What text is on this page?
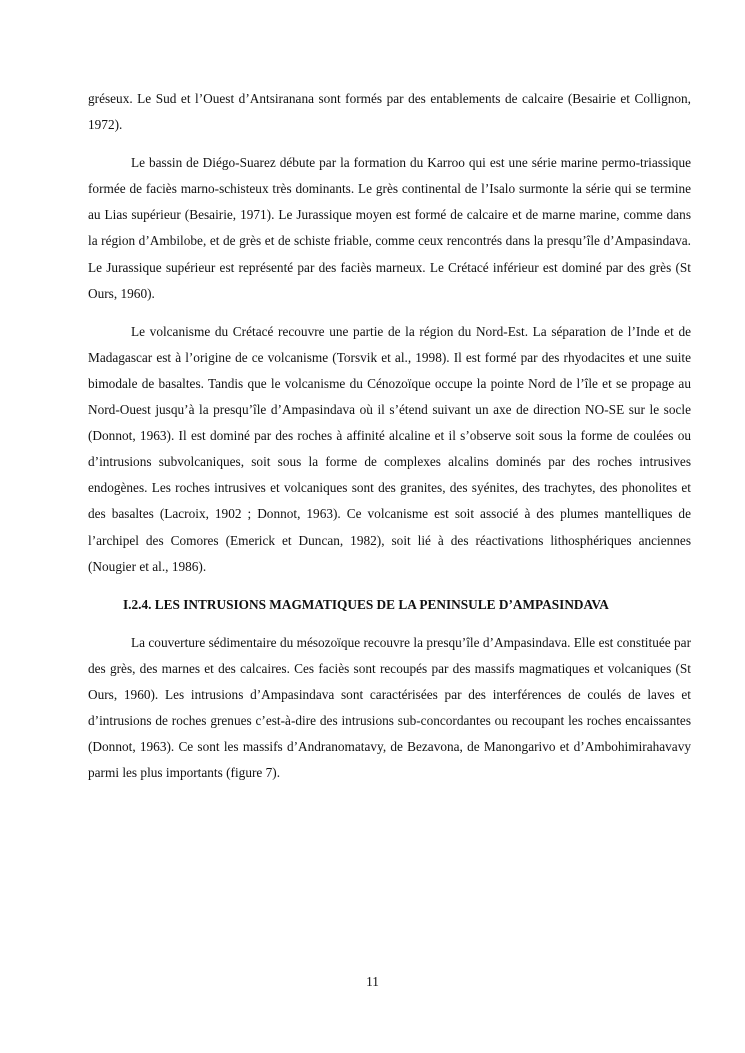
gréseux. Le Sud et l’Ouest d’Antsiranana sont formés par des entablements de calcaire (Besairie et Collignon, 1972).

Le bassin de Diégo-Suarez débute par la formation du Karroo qui est une série marine permo-triassique formée de faciès marno-schisteux très dominants. Le grès continental de l’Isalo surmonte la série qui se termine au Lias supérieur (Besairie, 1971). Le Jurassique moyen est formé de calcaire et de marne marine, comme dans la région d’Ambilobe, et de grès et de schiste friable, comme ceux rencontrés dans la presqu’île d’Ampasindava. Le Jurassique supérieur est représenté par des faciès marneux. Le Crétacé inférieur est dominé par des grès (St Ours, 1960).

Le volcanisme du Crétacé recouvre une partie de la région du Nord-Est. La séparation de l’Inde et de Madagascar est à l’origine de ce volcanisme (Torsvik et al., 1998). Il est formé par des rhyodacites et une suite bimodale de basaltes. Tandis que le volcanisme du Cénozoïque occupe la pointe Nord de l’île et se propage au Nord-Ouest jusqu’à la presqu’île d’Ampasindava où il s’étend suivant un axe de direction NO-SE sur le socle (Donnot, 1963). Il est dominé par des roches à affinité alcaline et il s’observe soit sous la forme de coulées ou d’intrusions subvolcaniques, soit sous la forme de complexes alcalins dominés par des roches intrusives endogènes. Les roches intrusives et volcaniques sont des granites, des syénites, des trachytes, des phonolites et des basaltes (Lacroix, 1902 ; Donnot, 1963). Ce volcanisme est soit associé à des plumes mantelliques de l’archipel des Comores (Emerick et Duncan, 1982), soit lié à des réactivations lithosphériques anciennes (Nougier et al., 1986).

I.2.4. LES INTRUSIONS MAGMATIQUES DE LA PENINSULE D’AMPASINDAVA

La couverture sédimentaire du mésozoïque recouvre la presqu’île d’Ampasindava. Elle est constituée par des grès, des marnes et des calcaires. Ces faciès sont recoupés par des massifs magmatiques et volcaniques (St Ours, 1960). Les intrusions d’Ampasindava sont caractérisées par des interférences de coulés de laves et d’intrusions de roches grenues c’est-à-dire des intrusions sub-concordantes ou recoupant les roches encaissantes (Donnot, 1963). Ce sont les massifs d’Andranomatavy, de Bezavona, de Manongarivo et d’Ambohimirahavavy parmi les plus importants (figure 7).

11
